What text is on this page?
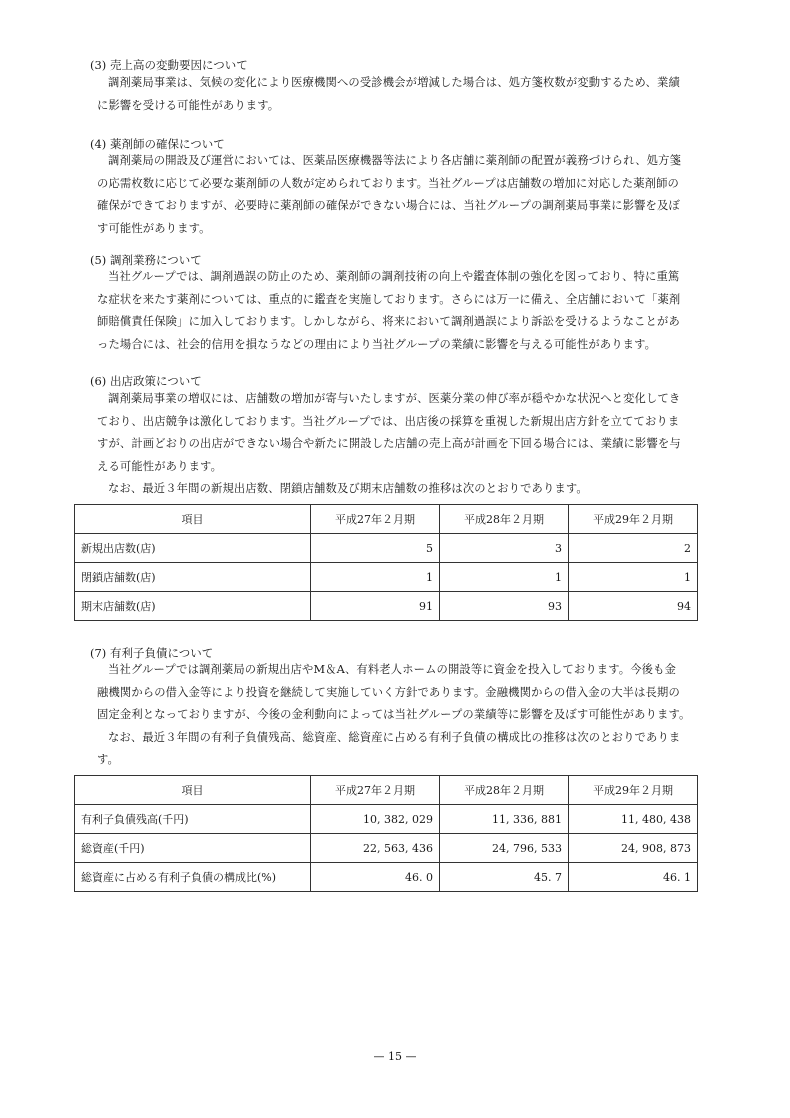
(3) 売上高の変動要因について
調剤薬局事業は、気候の変化により医療機関への受診機会が増減した場合は、処方箋枚数が変動するため、業績
に影響を受ける可能性があります。
(4) 薬剤師の確保について
調剤薬局の開設及び運営においては、医薬品医療機器等法により各店舗に薬剤師の配置が義務づけられ、処方箋
の応需枚数に応じて必要な薬剤師の人数が定められております。当社グループは店舗数の増加に対応した薬剤師の
確保ができておりますが、必要時に薬剤師の確保ができない場合には、当社グループの調剤薬局事業に影響を及ぼ
す可能性があります。
(5) 調剤業務について
当社グループでは、調剤過誤の防止のため、薬剤師の調剤技術の向上や鑑査体制の強化を図っており、特に重篤
な症状を来たす薬剤については、重点的に鑑査を実施しております。さらには万一に備え、全店舗において「薬剤
師賠償責任保険」に加入しております。しかしながら、将来において調剤過誤により訴訟を受けるようなことがあ
った場合には、社会的信用を損なうなどの理由により当社グループの業績に影響を与える可能性があります。
(6) 出店政策について
調剤薬局事業の増収には、店舗数の増加が寄与いたしますが、医薬分業の伸び率が穏やかな状況へと変化してき
ており、出店競争は激化しております。当社グループでは、出店後の採算を重視した新規出店方針を立てておりま
すが、計画どおりの出店ができない場合や新たに開設した店舗の売上高が計画を下回る場合には、業績に影響を与
える可能性があります。
なお、最近３年間の新規出店数、閉鎖店舗数及び期末店舗数の推移は次のとおりであります。
項目	平成27年２月期	平成28年２月期	平成29年２月期
新規出店数(店)	5	3	2
閉鎖店舗数(店)	1	1	1
期末店舗数(店)	91	93	94
(7) 有利子負債について
当社グループでは調剤薬局の新規出店やM＆A、有料老人ホームの開設等に資金を投入しております。今後も金
融機関からの借入金等により投資を継続して実施していく方針であります。金融機関からの借入金の大半は長期の
固定金利となっておりますが、今後の金利動向によっては当社グループの業績等に影響を及ぼす可能性があります。
なお、最近３年間の有利子負債残高、総資産、総資産に占める有利子負債の構成比の推移は次のとおりでありま
す。
項目	平成27年２月期	平成28年２月期	平成29年２月期
有利子負債残高(千円)	10, 382, 029	11, 336, 881	11, 480, 438
総資産(千円)	22, 563, 436	24, 796, 533	24, 908, 873
総資産に占める有利子負債の構成比(%)	46. 0	45. 7	46. 1
— 15 —
